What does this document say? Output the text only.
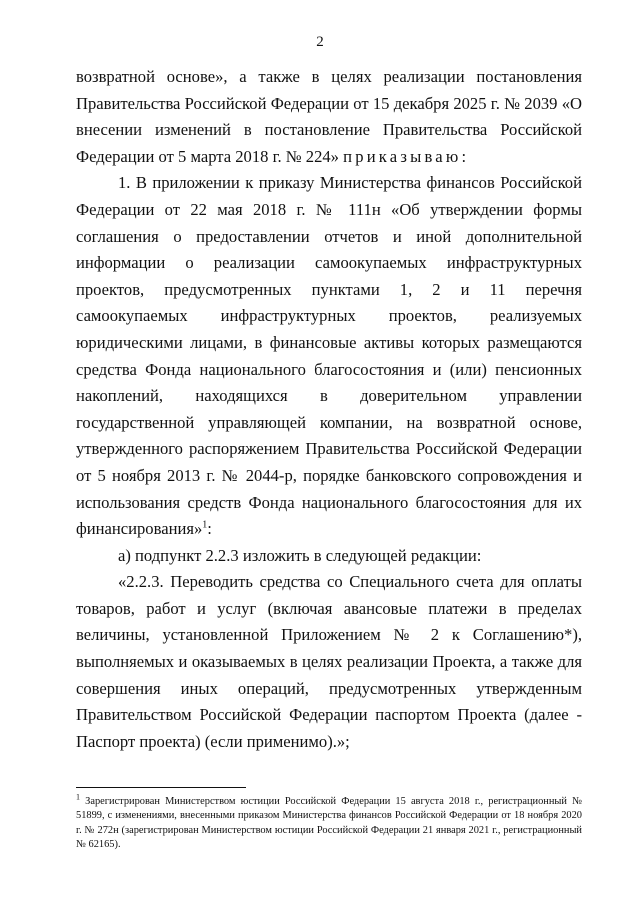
2

возвратной основе», а также в целях реализации постановления Правительства Российской Федерации от 15 декабря 2025 г. № 2039 «О внесении изменений в постановление Правительства Российской Федерации от 5 марта 2018 г. № 224» приказываю:

1. В приложении к приказу Министерства финансов Российской Федерации от 22 мая 2018 г. № 111н «Об утверждении формы соглашения о предоставлении отчетов и иной дополнительной информации о реализации самоокупаемых инфраструктурных проектов, предусмотренных пунктами 1, 2 и 11 перечня самоокупаемых инфраструктурных проектов, реализуемых юридическими лицами, в финансовые активы которых размещаются средства Фонда национального благосостояния и (или) пенсионных накоплений, находящихся в доверительном управлении государственной управляющей компании, на возвратной основе, утвержденного распоряжением Правительства Российской Федерации от 5 ноября 2013 г. № 2044-р, порядке банковского сопровождения и использования средств Фонда национального благосостояния для их финансирования»$^1$:

а) подпункт 2.2.3 изложить в следующей редакции:

«2.2.3. Переводить средства со Специального счета для оплаты товаров, работ и услуг (включая авансовые платежи в пределах величины, установленной Приложением № 2 к Соглашению*), выполняемых и оказываемых в целях реализации Проекта, а также для совершения иных операций, предусмотренных утвержденным Правительством Российской Федерации паспортом Проекта (далее - Паспорт проекта) (если применимо).»;

$^1$ Зарегистрирован Министерством юстиции Российской Федерации 15 августа 2018 г., регистрационный № 51899, с изменениями, внесенными приказом Министерства финансов Российской Федерации от 18 ноября 2020 г. № 272н (зарегистрирован Министерством юстиции Российской Федерации 21 января 2021 г., регистрационный № 62165).
